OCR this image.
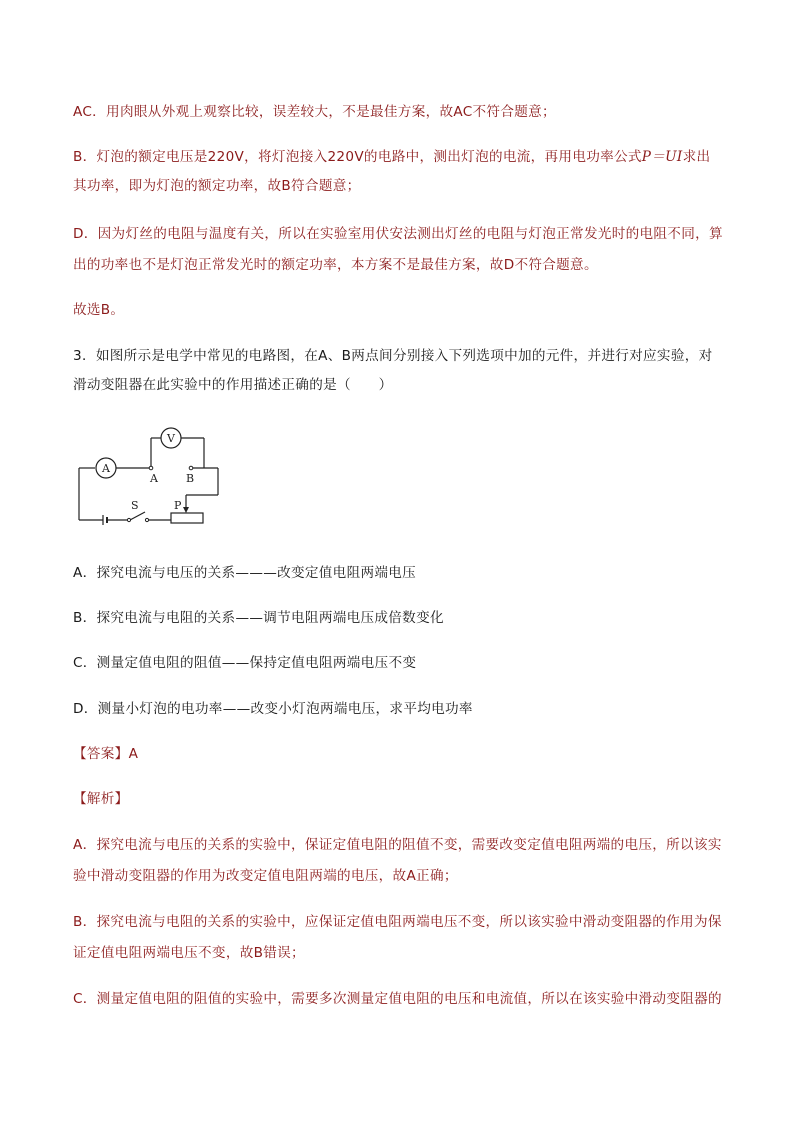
AC．用肉眼从外观上观察比较，误差较大，不是最佳方案，故AC不符合题意；
B．灯泡的额定电压是220V，将灯泡接入220V的电路中，测出灯泡的电流，再用电功率公式P＝UI求出
其功率，即为灯泡的额定功率，故B符合题意；
D．因为灯丝的电阻与温度有关，所以在实验室用伏安法测出灯丝的电阻与灯泡正常发光时的电阻不同，算
出的功率也不是灯泡正常发光时的额定功率，本方案不是最佳方案，故D不符合题意。
故选B。
3．如图所示是电学中常见的电路图，在A、B两点间分别接入下列选项中加的元件，并进行对应实验，对
滑动变阻器在此实验中的作用描述正确的是（　　）
A
V
A	B
S	P
A．探究电流与电压的关系———改变定值电阻两端电压
B．探究电流与电阻的关系——调节电阻两端电压成倍数变化
C．测量定值电阻的阻值——保持定值电阻两端电压不变
D．测量小灯泡的电功率——改变小灯泡两端电压，求平均电功率
【答案】A
【解析】
A．探究电流与电压的关系的实验中，保证定值电阻的阻值不变，需要改变定值电阻两端的电压，所以该实
验中滑动变阻器的作用为改变定值电阻两端的电压，故A正确；
B．探究电流与电阻的关系的实验中，应保证定值电阻两端电压不变，所以该实验中滑动变阻器的作用为保
证定值电阻两端电压不变，故B错误；
C．测量定值电阻的阻值的实验中，需要多次测量定值电阻的电压和电流值，所以在该实验中滑动变阻器的
